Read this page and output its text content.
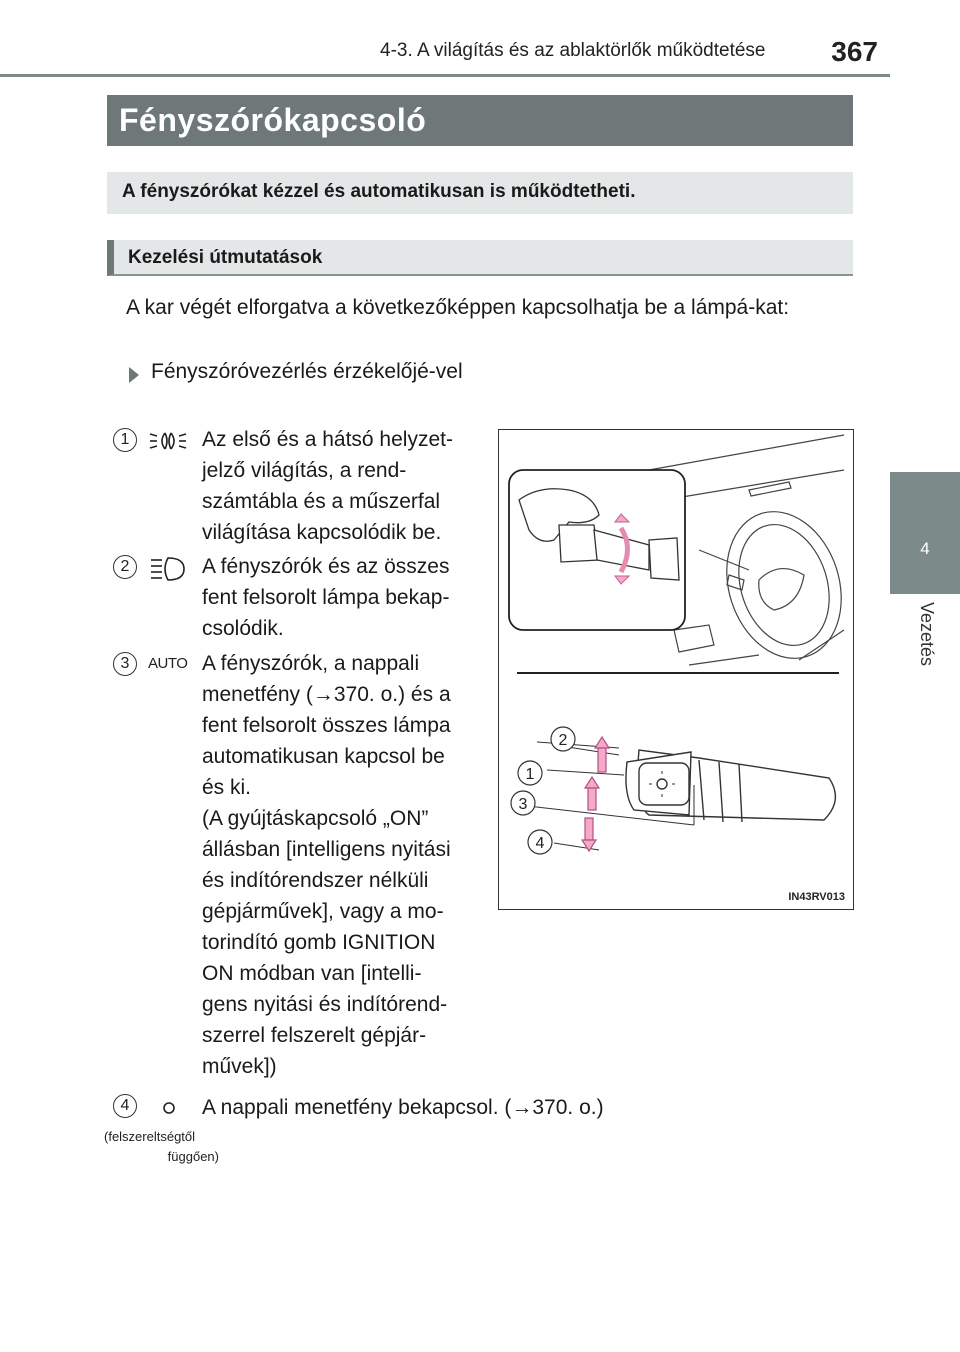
4-3. A világítás és az ablaktörlők működtetése 367
4
Vezetés
Fényszórókapcsoló
A fényszórókat kézzel és automatikusan is működtetheti.
Kezelési útmutatások
A kar végét elforgatva a következőképpen kapcsolhatja be a lámpá-kat:
Fényszóróvezérlés érzékelőjé-vel
1	Az első és a hátsó helyzet-
jelző világítás, a rend-
számtábla és a műszerfal
világítása kapcsolódik be.
2	A fényszórók és az összes
fent felsorolt lámpa bekap-
csolódik.
3	AUTO A fényszórók, a nappali
menetfény (→370. o.) és a
fent felsorolt összes lámpa
automatikusan kapcsol be
és ki.
(A gyújtáskapcsoló „ON”
állásban [intelligens nyitási
és indítórendszer nélküli
gépjárművek], vagy a mo-
torindító gomb IGNITION
ON módban van [intelli-
gens nyitási és indítórend-
szerrel felszerelt gépjár-
művek])
4	A nappali menetfény bekapcsol. (→370. o.)
(felszereltségtől
függően)
2
1
3
4
IN43RV013
